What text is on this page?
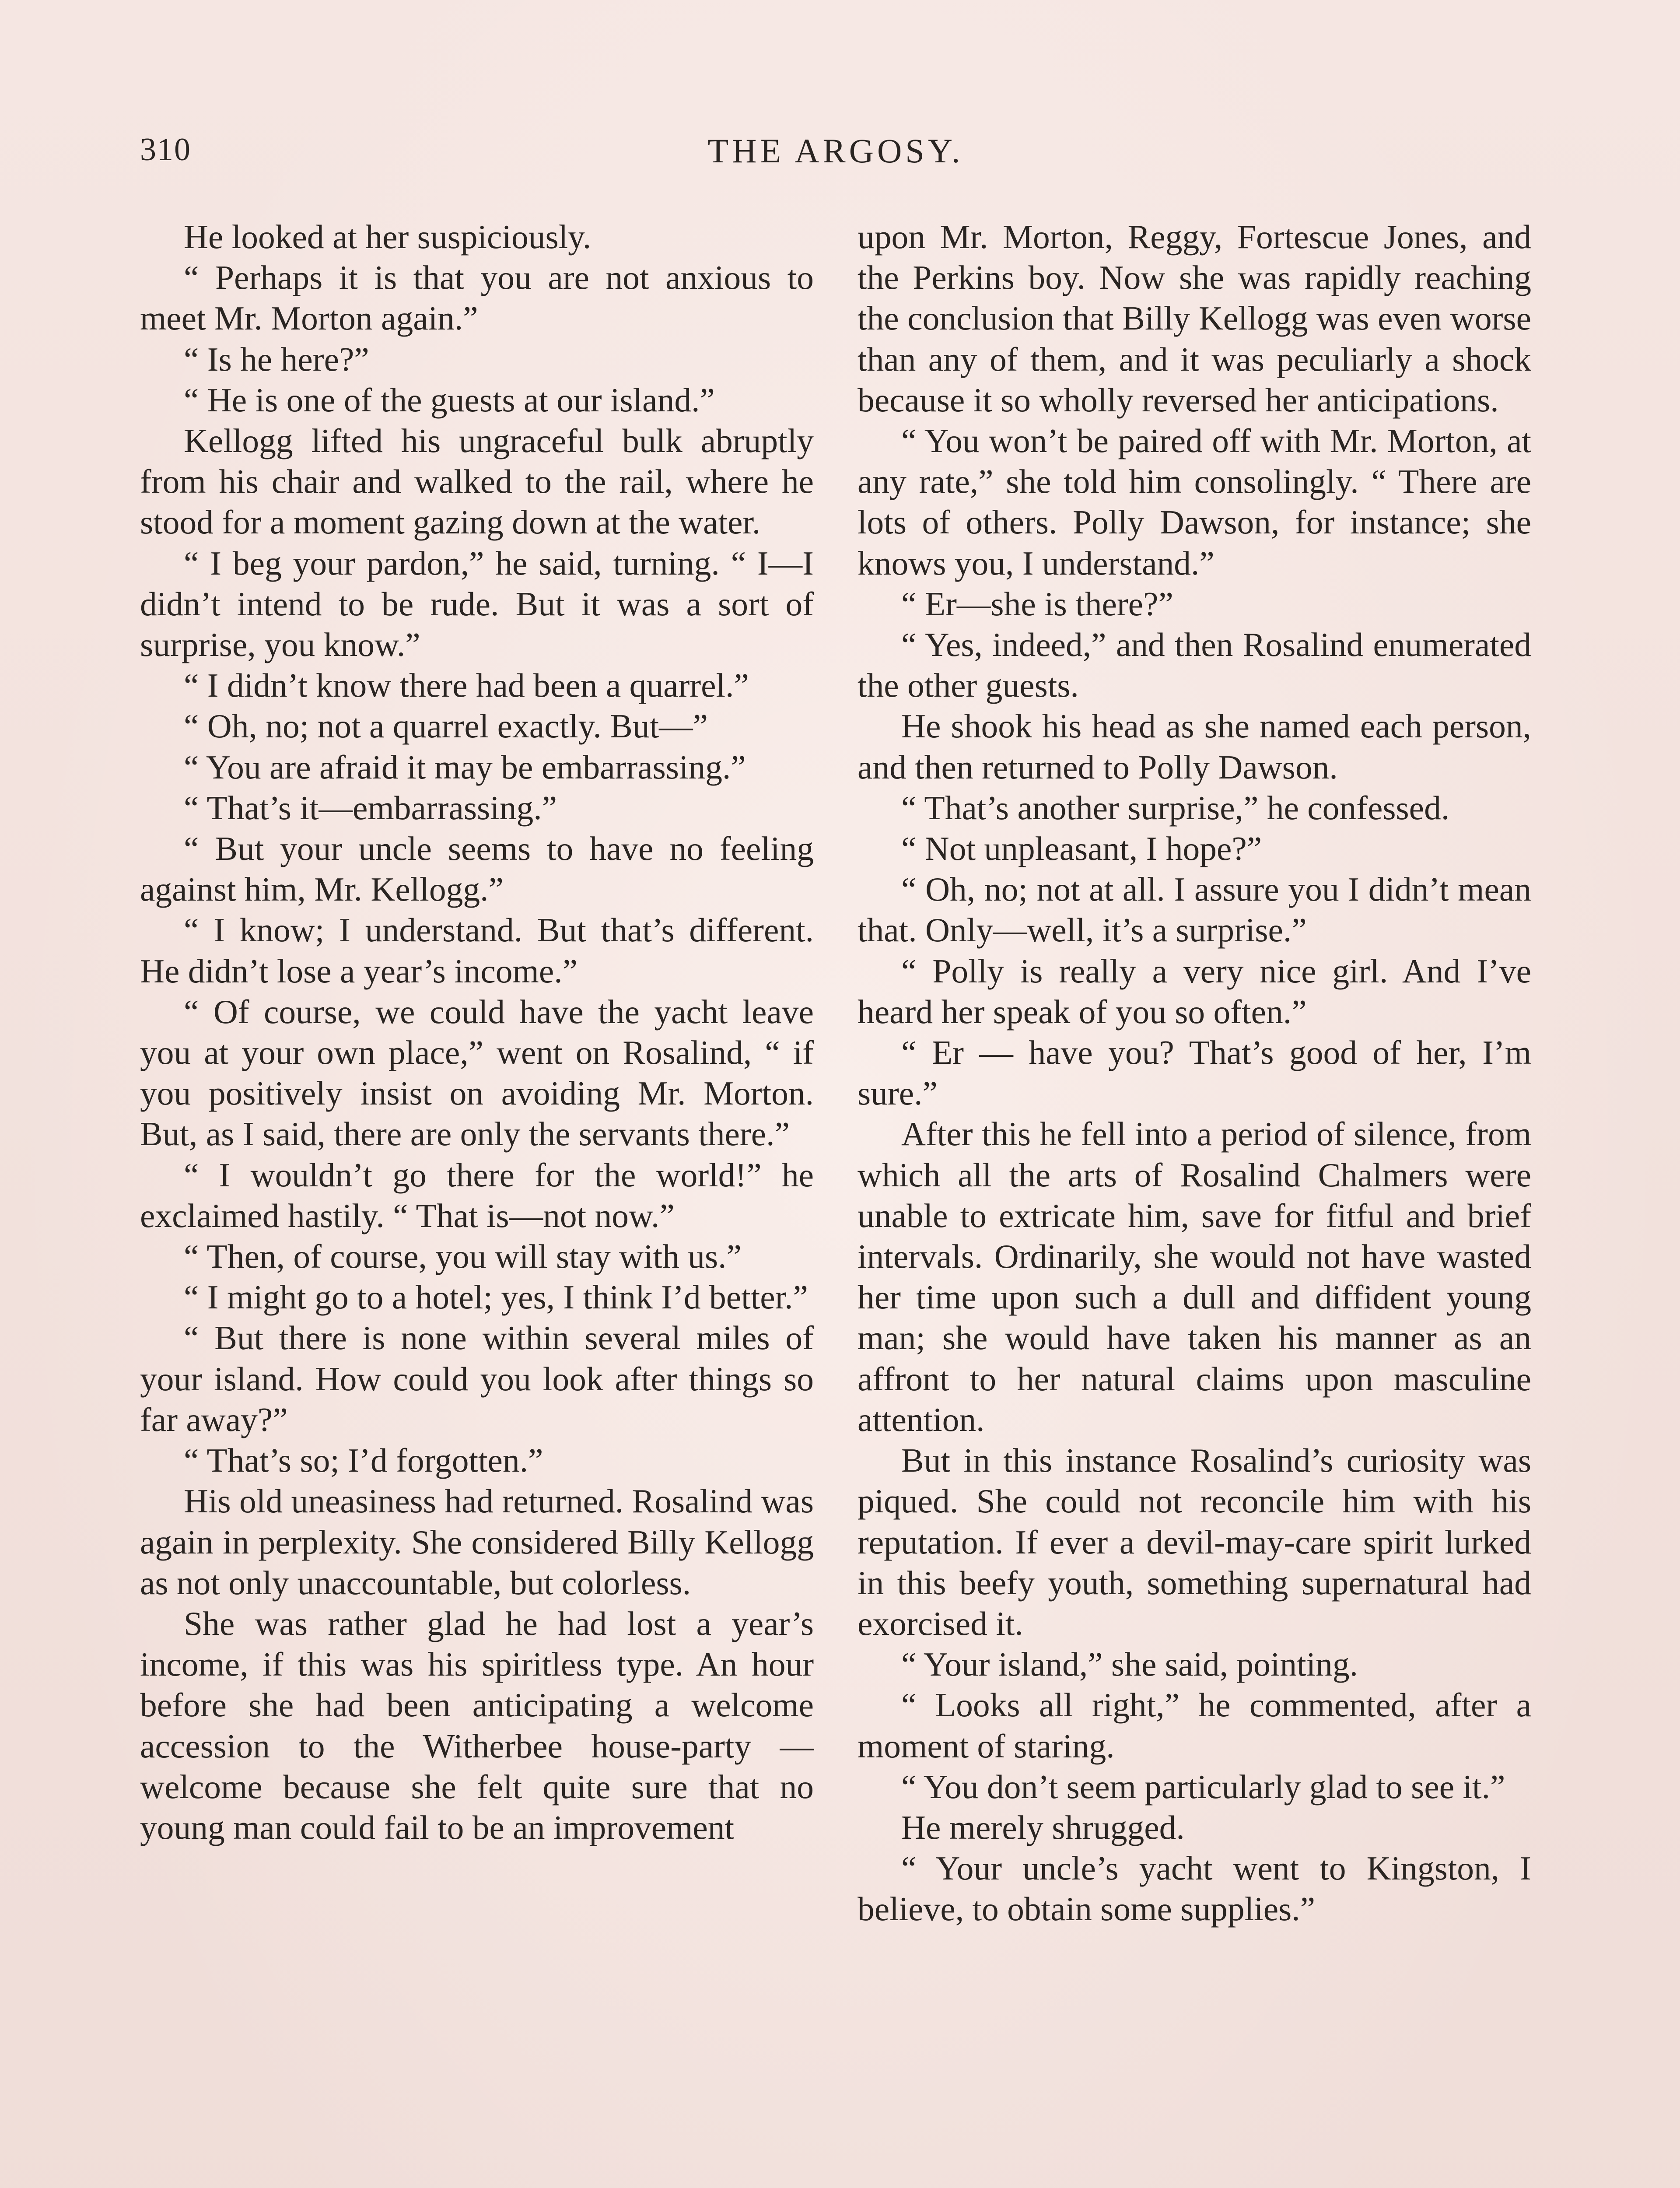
310	THE ARGOSY.

He looked at her suspiciously.

“ Perhaps it is that you are not anxious to meet Mr. Morton again.”

“ Is he here?”

“ He is one of the guests at our island.”

Kellogg lifted his ungraceful bulk abruptly from his chair and walked to the rail, where he stood for a moment gazing down at the water.

“ I beg your pardon,” he said, turning. “ I—I didn’t intend to be rude. But it was a sort of surprise, you know.”

“ I didn’t know there had been a quarrel.”

“ Oh, no; not a quarrel exactly. But—”

“ You are afraid it may be embarrassing.”

“ That’s it—embarrassing.”

“ But your uncle seems to have no feeling against him, Mr. Kellogg.”

“ I know; I understand. But that’s different. He didn’t lose a year’s income.”

“ Of course, we could have the yacht leave you at your own place,” went on Rosalind, “ if you positively insist on avoiding Mr. Morton. But, as I said, there are only the servants there.”

“ I wouldn’t go there for the world!” he exclaimed hastily. “ That is—not now.”

“ Then, of course, you will stay with us.”

“ I might go to a hotel; yes, I think I’d better.”

“ But there is none within several miles of your island. How could you look after things so far away?”

“ That’s so; I’d forgotten.”

His old uneasiness had returned. Rosalind was again in perplexity. She considered Billy Kellogg as not only unaccountable, but colorless.

She was rather glad he had lost a year’s income, if this was his spiritless type. An hour before she had been anticipating a welcome accession to the Witherbee house-party — welcome because she felt quite sure that no young man could fail to be an improvement

upon Mr. Morton, Reggy, Fortescue Jones, and the Perkins boy. Now she was rapidly reaching the conclusion that Billy Kellogg was even worse than any of them, and it was peculiarly a shock because it so wholly reversed her anticipations.

“ You won’t be paired off with Mr. Morton, at any rate,” she told him consolingly. “ There are lots of others. Polly Dawson, for instance; she knows you, I understand.”

“ Er—she is there?”

“ Yes, indeed,” and then Rosalind enumerated the other guests.

He shook his head as she named each person, and then returned to Polly Dawson.

“ That’s another surprise,” he confessed.

“ Not unpleasant, I hope?”

“ Oh, no; not at all. I assure you I didn’t mean that. Only—well, it’s a surprise.”

“ Polly is really a very nice girl. And I’ve heard her speak of you so often.”

“ Er — have you? That’s good of her, I’m sure.”

After this he fell into a period of silence, from which all the arts of Rosalind Chalmers were unable to extricate him, save for fitful and brief intervals. Ordinarily, she would not have wasted her time upon such a dull and diffident young man; she would have taken his manner as an affront to her natural claims upon masculine attention.

But in this instance Rosalind’s curiosity was piqued. She could not reconcile him with his reputation. If ever a devil-may-care spirit lurked in this beefy youth, something supernatural had exorcised it.

“ Your island,” she said, pointing.

“ Looks all right,” he commented, after a moment of staring.

“ You don’t seem particularly glad to see it.”

He merely shrugged.

“ Your uncle’s yacht went to Kingston, I believe, to obtain some supplies.”
